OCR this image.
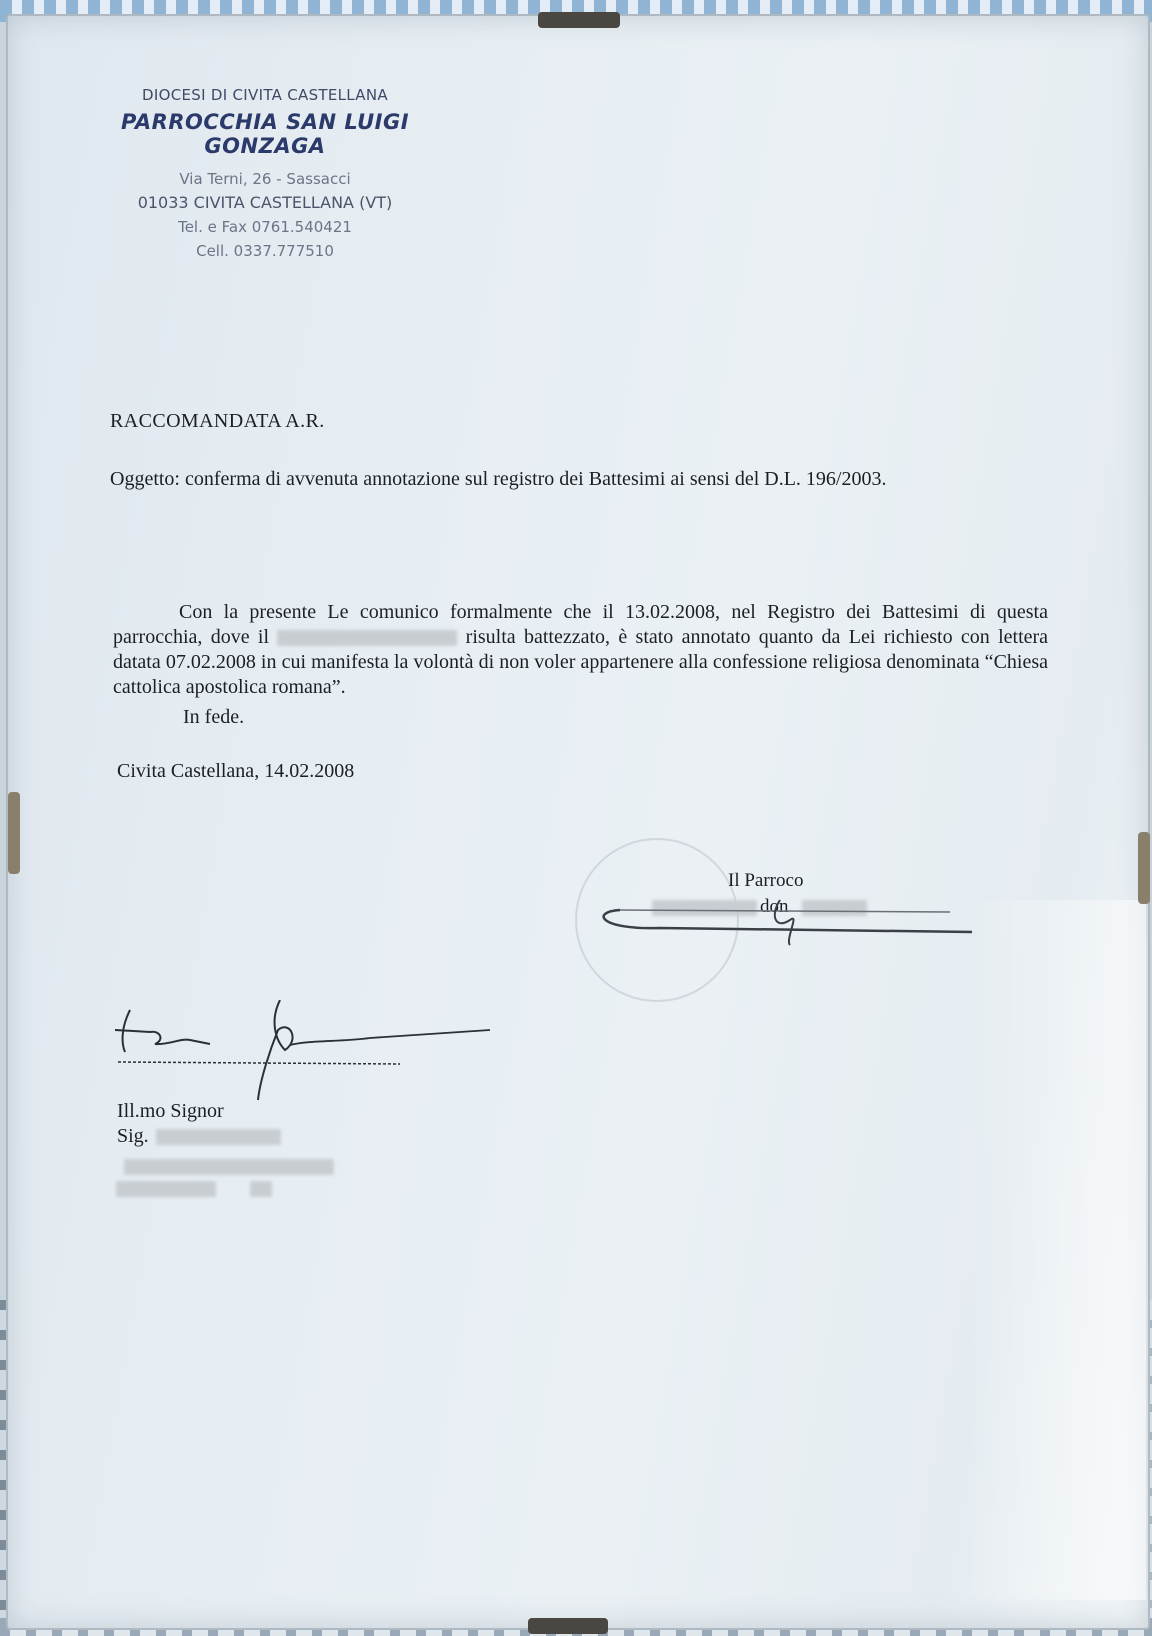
DIOCESI DI CIVITA CASTELLANA
PARROCCHIA SAN LUIGI GONZAGA
Via Terni, 26 - Sassacci
01033 CIVITA CASTELLANA (VT)
Tel. e Fax 0761.540421
Cell. 0337.777510
RACCOMANDATA A.R.
Oggetto: conferma di avvenuta annotazione sul registro dei Battesimi ai sensi del D.L. 196/2003.
Con la presente Le comunico formalmente che il 13.02.2008, nel Registro dei Battesimi di questa parrocchia, dove il	risulta battezzato, è stato annotato quanto da Lei richiesto con lettera datata 07.02.2008 in cui manifesta la volontà di non voler appartenere alla confessione religiosa denominata “Chiesa cattolica apostolica romana”.
In fede.
Civita Castellana, 14.02.2008
Il Parroco
don
Ill.mo Signor
Sig.
